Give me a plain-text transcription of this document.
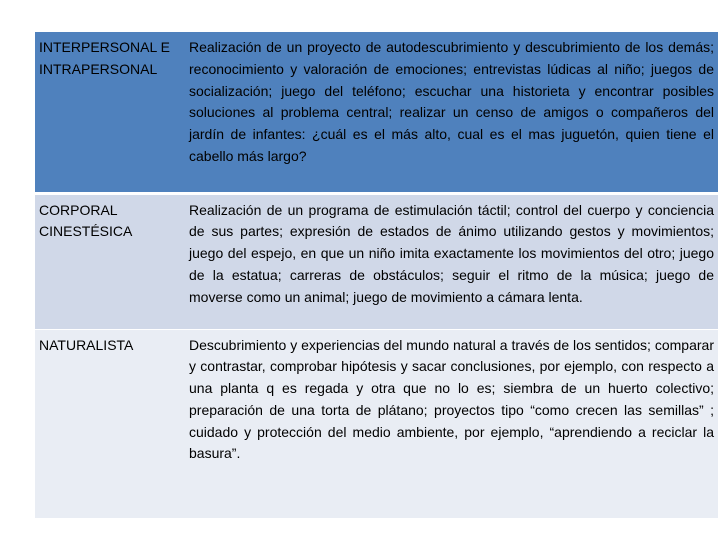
INTERPERSONAL E
INTRAPERSONAL	Realización de un proyecto de autodescubrimiento y descubrimiento de los demás; reconocimiento y valoración de emociones; entrevistas lúdicas al niño; juegos de socialización; juego del teléfono; escuchar una historieta y encontrar posibles soluciones al problema central; realizar un censo de amigos o compañeros del jardín de infantes: ¿cuál es el más alto, cual es el mas juguetón, quien tiene el cabello más largo?

CORPORAL
CINESTÉSICA	Realización de un programa de estimulación táctil; control del cuerpo y conciencia de sus partes; expresión de estados de ánimo utilizando gestos y movimientos; juego del espejo, en que un niño imita exactamente los movimientos del otro; juego de la estatua; carreras de obstáculos; seguir el ritmo de la música; juego de moverse como un animal; juego de movimiento a cámara lenta.

NATURALISTA	Descubrimiento y experiencias del mundo natural a través de los sentidos; comparar y contrastar, comprobar hipótesis y sacar conclusiones, por ejemplo, con respecto a una planta q es regada y otra que no lo es; siembra de un huerto colectivo; preparación de una torta de plátano; proyectos tipo “como crecen las semillas” ; cuidado y protección del medio ambiente, por ejemplo, “aprendiendo a reciclar la basura”.
